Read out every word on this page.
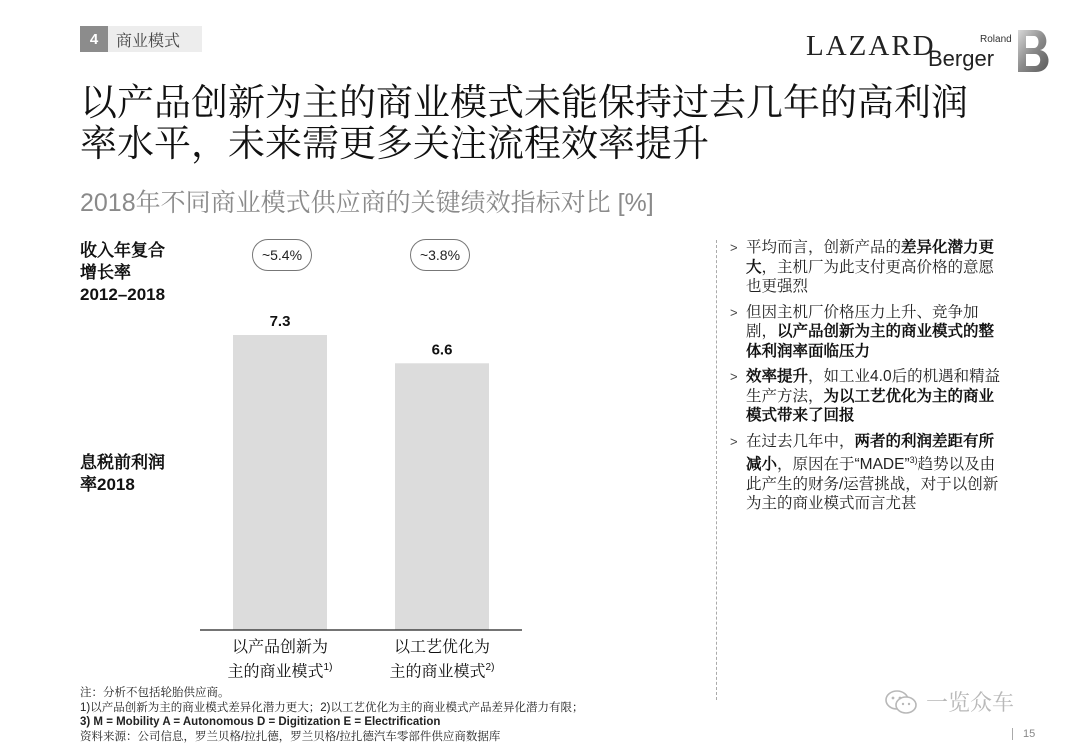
4	商业模式	LAZARD	Roland
Berger
以产品创新为主的商业模式未能保持过去几年的高利润率水平，未来需更多关注流程效率提升
2018年不同商业模式供应商的关键绩效指标对比 [%]
收入年复合
增长率
2012–2018
息税前利润
率2018
~5.4%	~3.8%
7.3
6.6
以产品创新为
主的商业模式$^{1)}$
以工艺优化为
主的商业模式$^{2)}$
> 平均而言，创新产品的差异化潜力更大，主机厂为此支付更高价格的意愿也更强烈
> 但因主机厂价格压力上升、竞争加剧，以产品创新为主的商业模式的整体利润率面临压力
> 效率提升，如工业4.0后的机遇和精益生产方法，为以工艺优化为主的商业模式带来了回报
> 在过去几年中，两者的利润差距有所减小，原因在于“MADE”$^{3)}$趋势以及由此产生的财务/运营挑战，对于以创新为主的商业模式而言尤甚
注：分析不包括轮胎供应商。
1)以产品创新为主的商业模式差异化潜力更大；2)以工艺优化为主的商业模式产品差异化潜力有限；
3) M = Mobility A = Autonomous D = Digitization E = Electrification
资料来源：公司信息，罗兰贝格/拉扎德，罗兰贝格/拉扎德汽车零部件供应商数据库
一览众车
15
